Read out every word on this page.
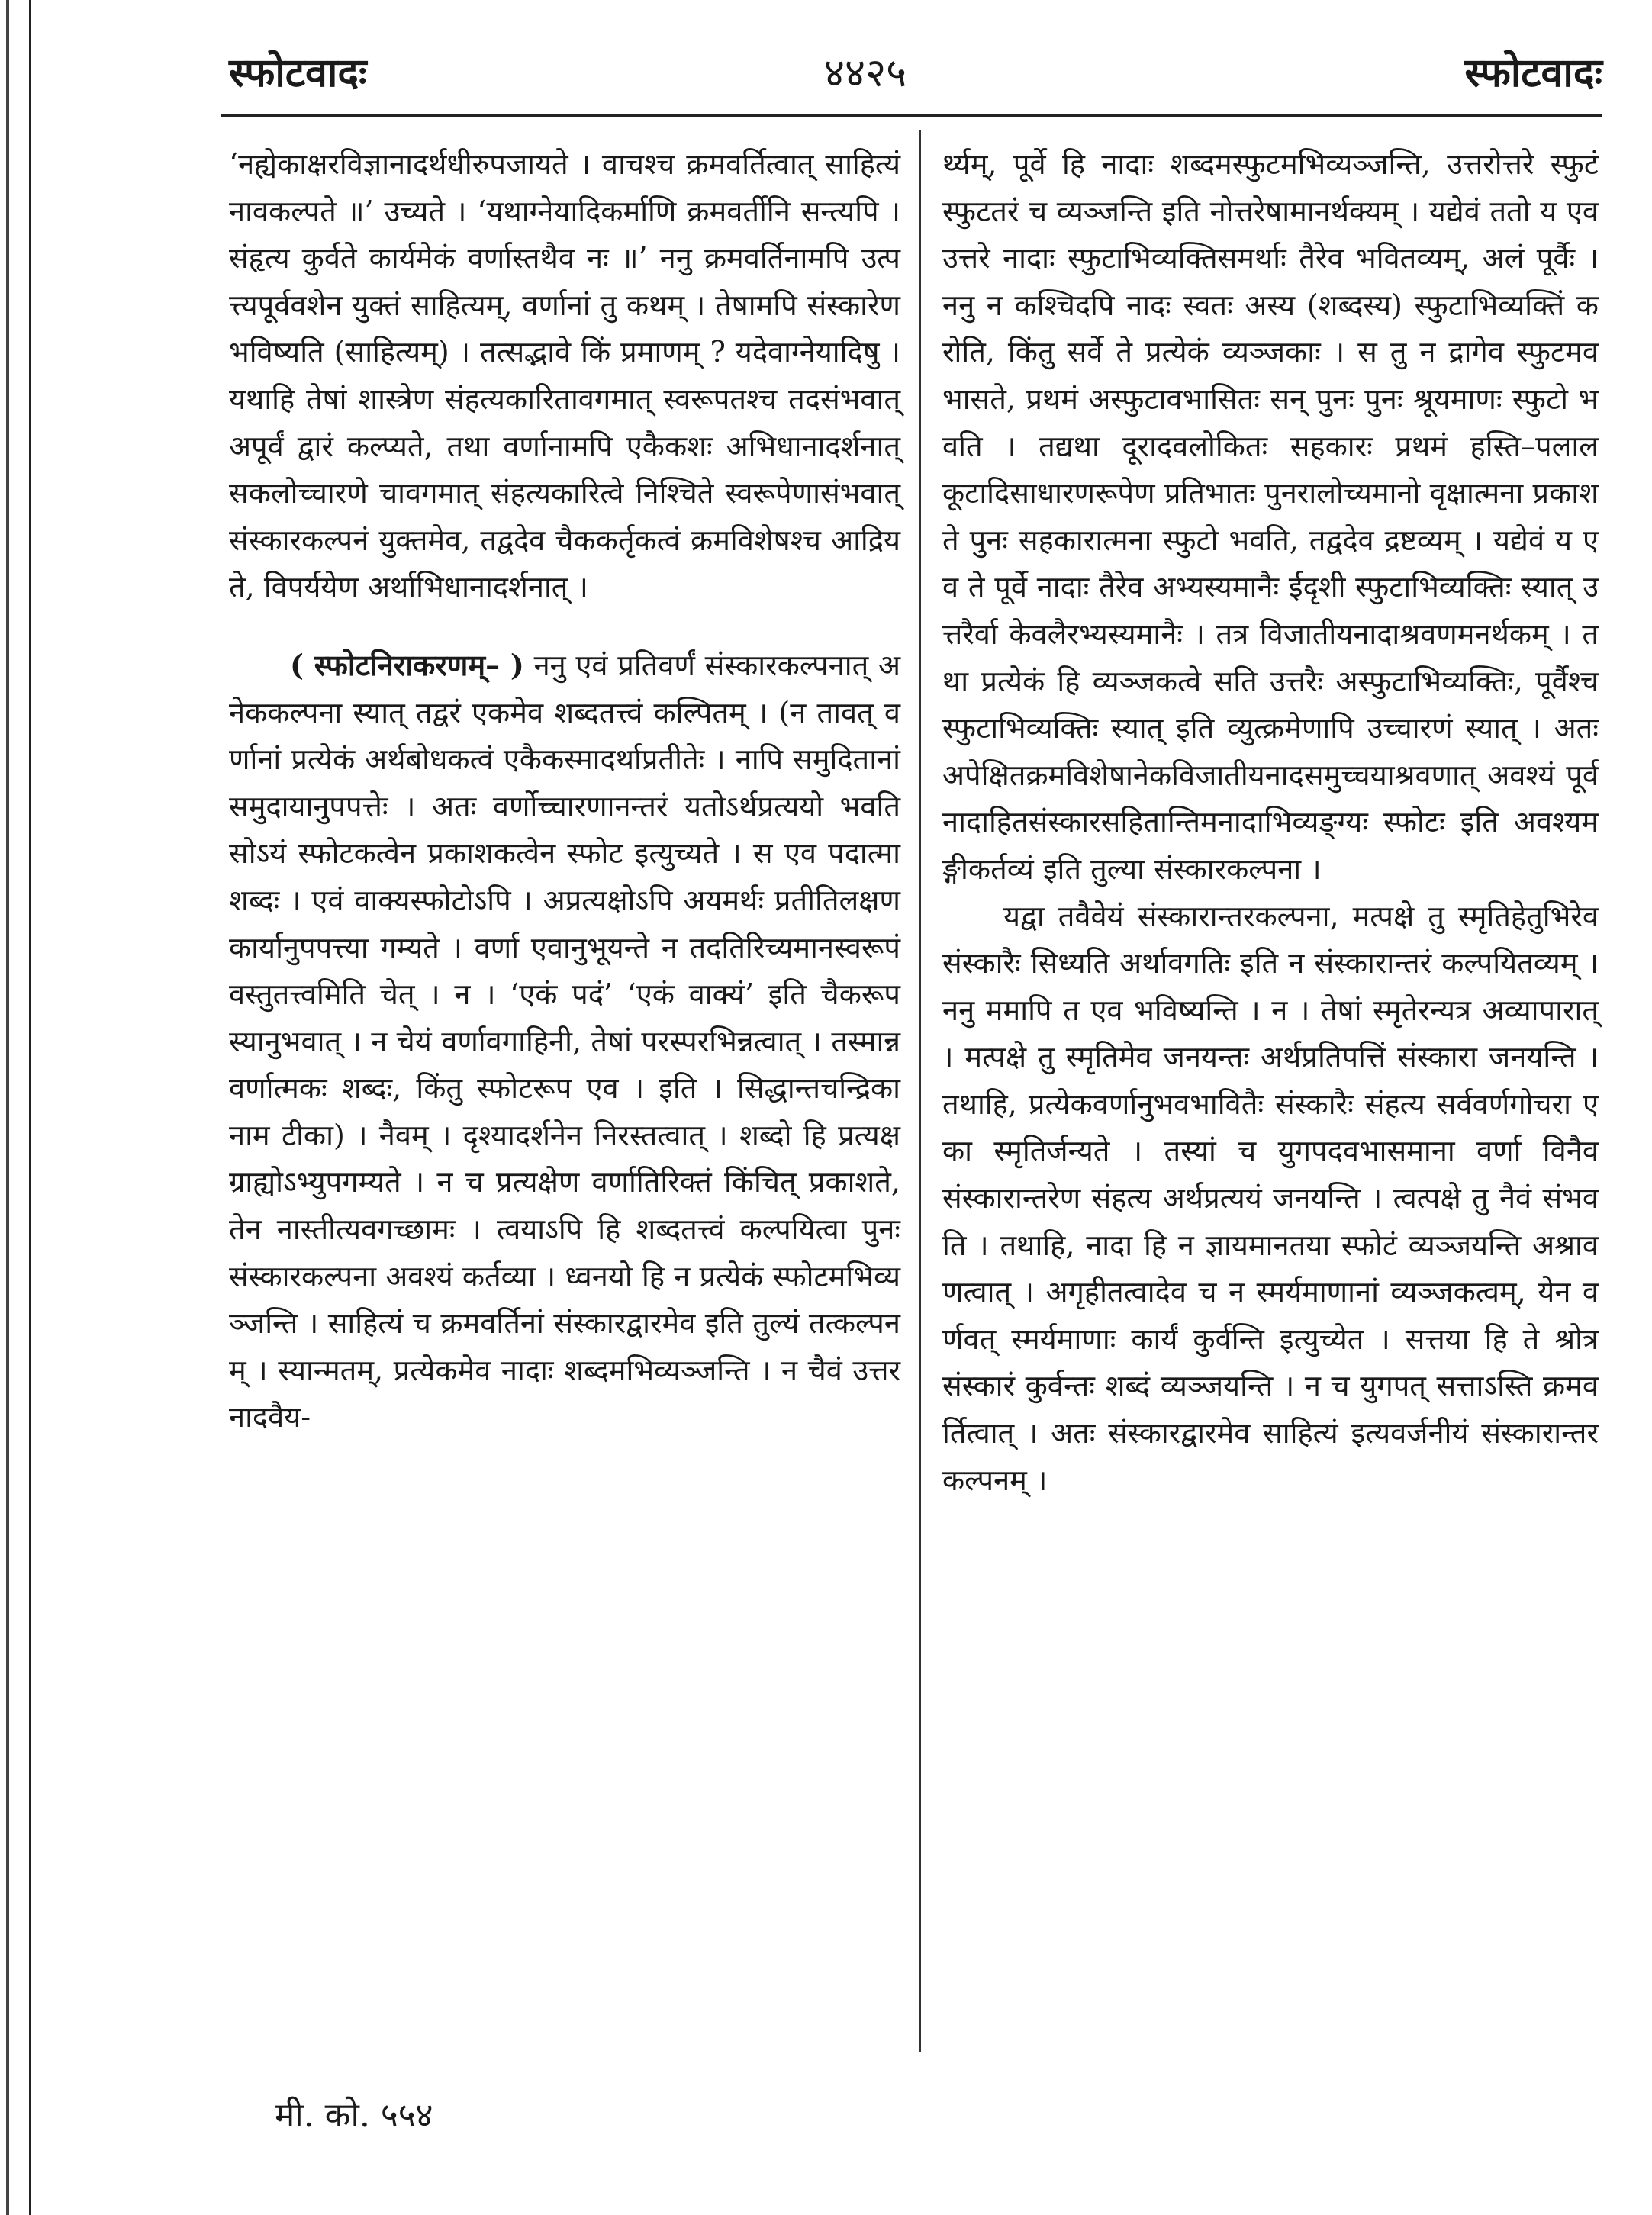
स्फोटवादः	४४२५	स्फोटवादः

‘नह्येकाक्षरविज्ञानादर्थधीरुपजायते । वाचश्च क्रमवर्तित्वात् साहित्यं नावकल्पते ॥’ उच्यते । ‘यथाग्नेयादिकर्माणि क्रमवर्तीनि सन्त्यपि । संहृत्य कुर्वते कार्यमेकं वर्णास्तथैव नः ॥’ ननु क्रमवर्तिनामपि उत्पत्त्यपूर्ववशेन युक्तं साहित्यम्, वर्णानां तु कथम् । तेषामपि संस्कारेण भविष्यति (साहित्यम्) । तत्सद्भावे किं प्रमाणम् ? यदेवाग्नेयादिषु । यथाहि तेषां शास्त्रेण संहत्यकारितावगमात् स्वरूपतश्च तदसंभवात् अपूर्वं द्वारं कल्प्यते, तथा वर्णानामपि एकैकशः अभिधानादर्शनात् सकलोच्चारणे चावगमात् संहत्यकारित्वे निश्चिते स्वरूपेणासंभवात् संस्कारकल्पनं युक्तमेव, तद्वदेव चैककर्तृकत्वं क्रमविशेषश्च आद्रियते, विपर्ययेण अर्थाभिधानादर्शनात् ।

( स्फोटनिराकरणम्– ) ननु एवं प्रतिवर्णं संस्कारकल्पनात् अनेककल्पना स्यात् तद्वरं एकमेव शब्दतत्त्वं कल्पितम् । (न तावत् वर्णानां प्रत्येकं अर्थबोधकत्वं एकैकस्मादर्थाप्रतीतेः । नापि समुदितानां समुदायानुपपत्तेः । अतः वर्णोच्चारणानन्तरं यतोऽर्थप्रत्ययो भवति सोऽयं स्फोटकत्वेन प्रकाशकत्वेन स्फोट इत्युच्यते । स एव पदात्मा शब्दः । एवं वाक्यस्फोटोऽपि । अप्रत्यक्षोऽपि अयमर्थः प्रतीतिलक्षणकार्यानुपपत्त्या गम्यते । वर्णा एवानुभूयन्ते न तदतिरिच्यमानस्वरूपं वस्तुतत्त्वमिति चेत् । न । ‘एकं पदं’ ‘एकं वाक्यं’ इति चैकरूपस्यानुभवात् । न चेयं वर्णावगाहिनी, तेषां परस्परभिन्नत्वात् । तस्मान्न वर्णात्मकः शब्दः, किंतु स्फोटरूप एव । इति । सिद्धान्तचन्द्रिका नाम टीका) । नैवम् । दृश्यादर्शनेन निरस्तत्वात् । शब्दो हि प्रत्यक्षग्राह्योऽभ्युपगम्यते । न च प्रत्यक्षेण वर्णातिरिक्तं किंचित् प्रकाशते, तेन नास्तीत्यवगच्छामः । त्वयाऽपि हि शब्दतत्त्वं कल्पयित्वा पुनः संस्कारकल्पना अवश्यं कर्तव्या । ध्वनयो हि न प्रत्येकं स्फोटमभिव्यञ्जन्ति । साहित्यं च क्रमवर्तिनां संस्कारद्वारमेव इति तुल्यं तत्कल्पनम् । स्यान्मतम्, प्रत्येकमेव नादाः शब्दमभिव्यञ्जन्ति । न चैवं उत्तरनादवैय-

र्थ्यम्, पूर्वे हि नादाः शब्दमस्फुटमभिव्यञ्जन्ति, उत्तरोत्तरे स्फुटं स्फुटतरं च व्यञ्जन्ति इति नोत्तरेषामानर्थक्यम् । यद्येवं ततो य एव उत्तरे नादाः स्फुटाभिव्यक्तिसमर्थाः तैरेव भवितव्यम्, अलं पूर्वैः । ननु न कश्चिदपि नादः स्वतः अस्य (शब्दस्य) स्फुटाभिव्यक्तिं करोति, किंतु सर्वे ते प्रत्येकं व्यञ्जकाः । स तु न द्रागेव स्फुटमवभासते, प्रथमं अस्फुटावभासितः सन् पुनः पुनः श्रूयमाणः स्फुटो भवति । तद्यथा दूरादवलोकितः सहकारः प्रथमं हस्ति–पलालकूटादिसाधारणरूपेण प्रतिभातः पुनरालोच्यमानो वृक्षात्मना प्रकाशते पुनः सहकारात्मना स्फुटो भवति, तद्वदेव द्रष्टव्यम् । यद्येवं य एव ते पूर्वे नादाः तैरेव अभ्यस्यमानैः ईदृशी स्फुटाभिव्यक्तिः स्यात् उत्तरैर्वा केवलैरभ्यस्यमानैः । तत्र विजातीयनादाश्रवणमनर्थकम् । तथा प्रत्येकं हि व्यञ्जकत्वे सति उत्तरैः अस्फुटाभिव्यक्तिः, पूर्वैश्च स्फुटाभिव्यक्तिः स्यात् इति व्युत्क्रमेणापि उच्चारणं स्यात् । अतः अपेक्षितक्रमविशेषानेकविजातीयनादसमुच्चयाश्रवणात् अवश्यं पूर्वनादाहितसंस्कारसहितान्तिमनादाभिव्यङ्ग्यः स्फोटः इति अवश्यमङ्गीकर्तव्यं इति तुल्या संस्कारकल्पना ।

यद्वा तवैवेयं संस्कारान्तरकल्पना, मत्पक्षे तु स्मृतिहेतुभिरेव संस्कारैः सिध्यति अर्थावगतिः इति न संस्कारान्तरं कल्पयितव्यम् । ननु ममापि त एव भविष्यन्ति । न । तेषां स्मृतेरन्यत्र अव्यापारात् । मत्पक्षे तु स्मृतिमेव जनयन्तः अर्थप्रतिपत्तिं संस्कारा जनयन्ति । तथाहि, प्रत्येकवर्णानुभवभावितैः संस्कारैः संहत्य सर्ववर्णगोचरा एका स्मृतिर्जन्यते । तस्यां च युगपदवभासमाना वर्णा विनैव संस्कारान्तरेण संहत्य अर्थप्रत्ययं जनयन्ति । त्वत्पक्षे तु नैवं संभवति । तथाहि, नादा हि न ज्ञायमानतया स्फोटं व्यञ्जयन्ति अश्रावणत्वात् । अगृहीतत्वादेव च न स्मर्यमाणानां व्यञ्जकत्वम्, येन वर्णवत् स्मर्यमाणाः कार्यं कुर्वन्ति इत्युच्येत । सत्तया हि ते श्रोत्रसंस्कारं कुर्वन्तः शब्दं व्यञ्जयन्ति । न च युगपत् सत्ताऽस्ति क्रमवर्तित्वात् । अतः संस्कारद्वारमेव साहित्यं इत्यवर्जनीयं संस्कारान्तरकल्पनम् ।

मी. को. ५५४
